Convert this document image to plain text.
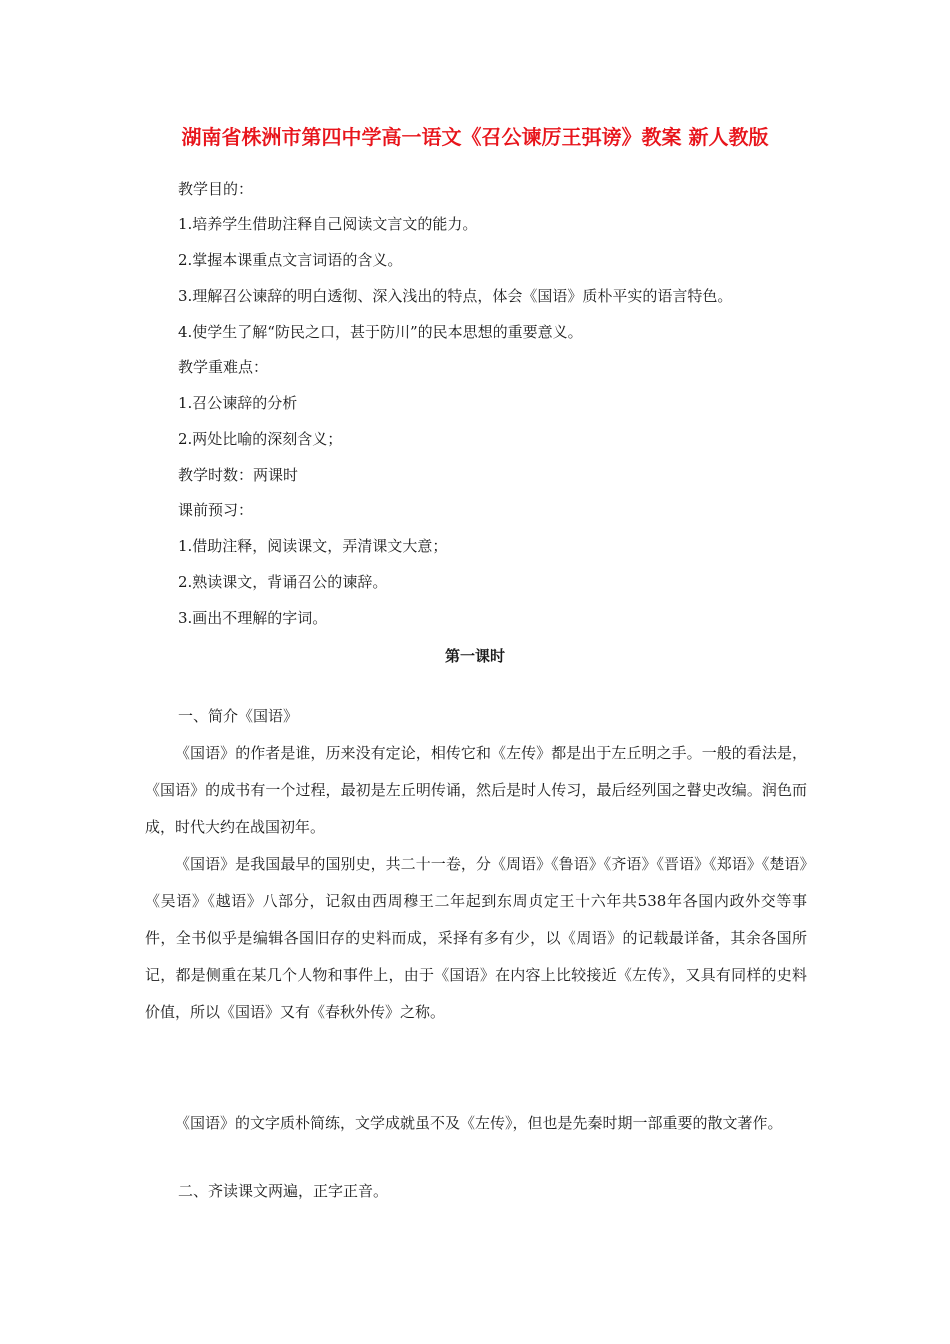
湖南省株洲市第四中学高一语文《召公谏厉王弭谤》教案 新人教版
教学目的：
1.培养学生借助注释自己阅读文言文的能力。
2.掌握本课重点文言词语的含义。
3.理解召公谏辞的明白透彻、深入浅出的特点，体会《国语》质朴平实的语言特色。
4.使学生了解“防民之口，甚于防川”的民本思想的重要意义。
教学重难点：
1.召公谏辞的分析
2.两处比喻的深刻含义；
教学时数：两课时
课前预习：
1.借助注释，阅读课文，弄清课文大意；
2.熟读课文，背诵召公的谏辞。
3.画出不理解的字词。
第一课时
一、简介《国语》
《国语》的作者是谁，历来没有定论，相传它和《左传》都是出于左丘明之手。一般的看法是，《国语》的成书有一个过程，最初是左丘明传诵，然后是时人传习，最后经列国之瞽史改编。润色而成，时代大约在战国初年。
《国语》是我国最早的国别史，共二十一卷，分《周语》《鲁语》《齐语》《晋语》《郑语》《楚语》《吴语》《越语》八部分，记叙由西周穆王二年起到东周贞定王十六年共538年各国内政外交等事件，全书似乎是编辑各国旧存的史料而成，采择有多有少，以《周语》的记载最详备，其余各国所记，都是侧重在某几个人物和事件上，由于《国语》在内容上比较接近《左传》，又具有同样的史料价值，所以《国语》又有《春秋外传》之称。
《国语》的文字质朴简练，文学成就虽不及《左传》，但也是先秦时期一部重要的散文著作。
二、齐读课文两遍，正字正音。
